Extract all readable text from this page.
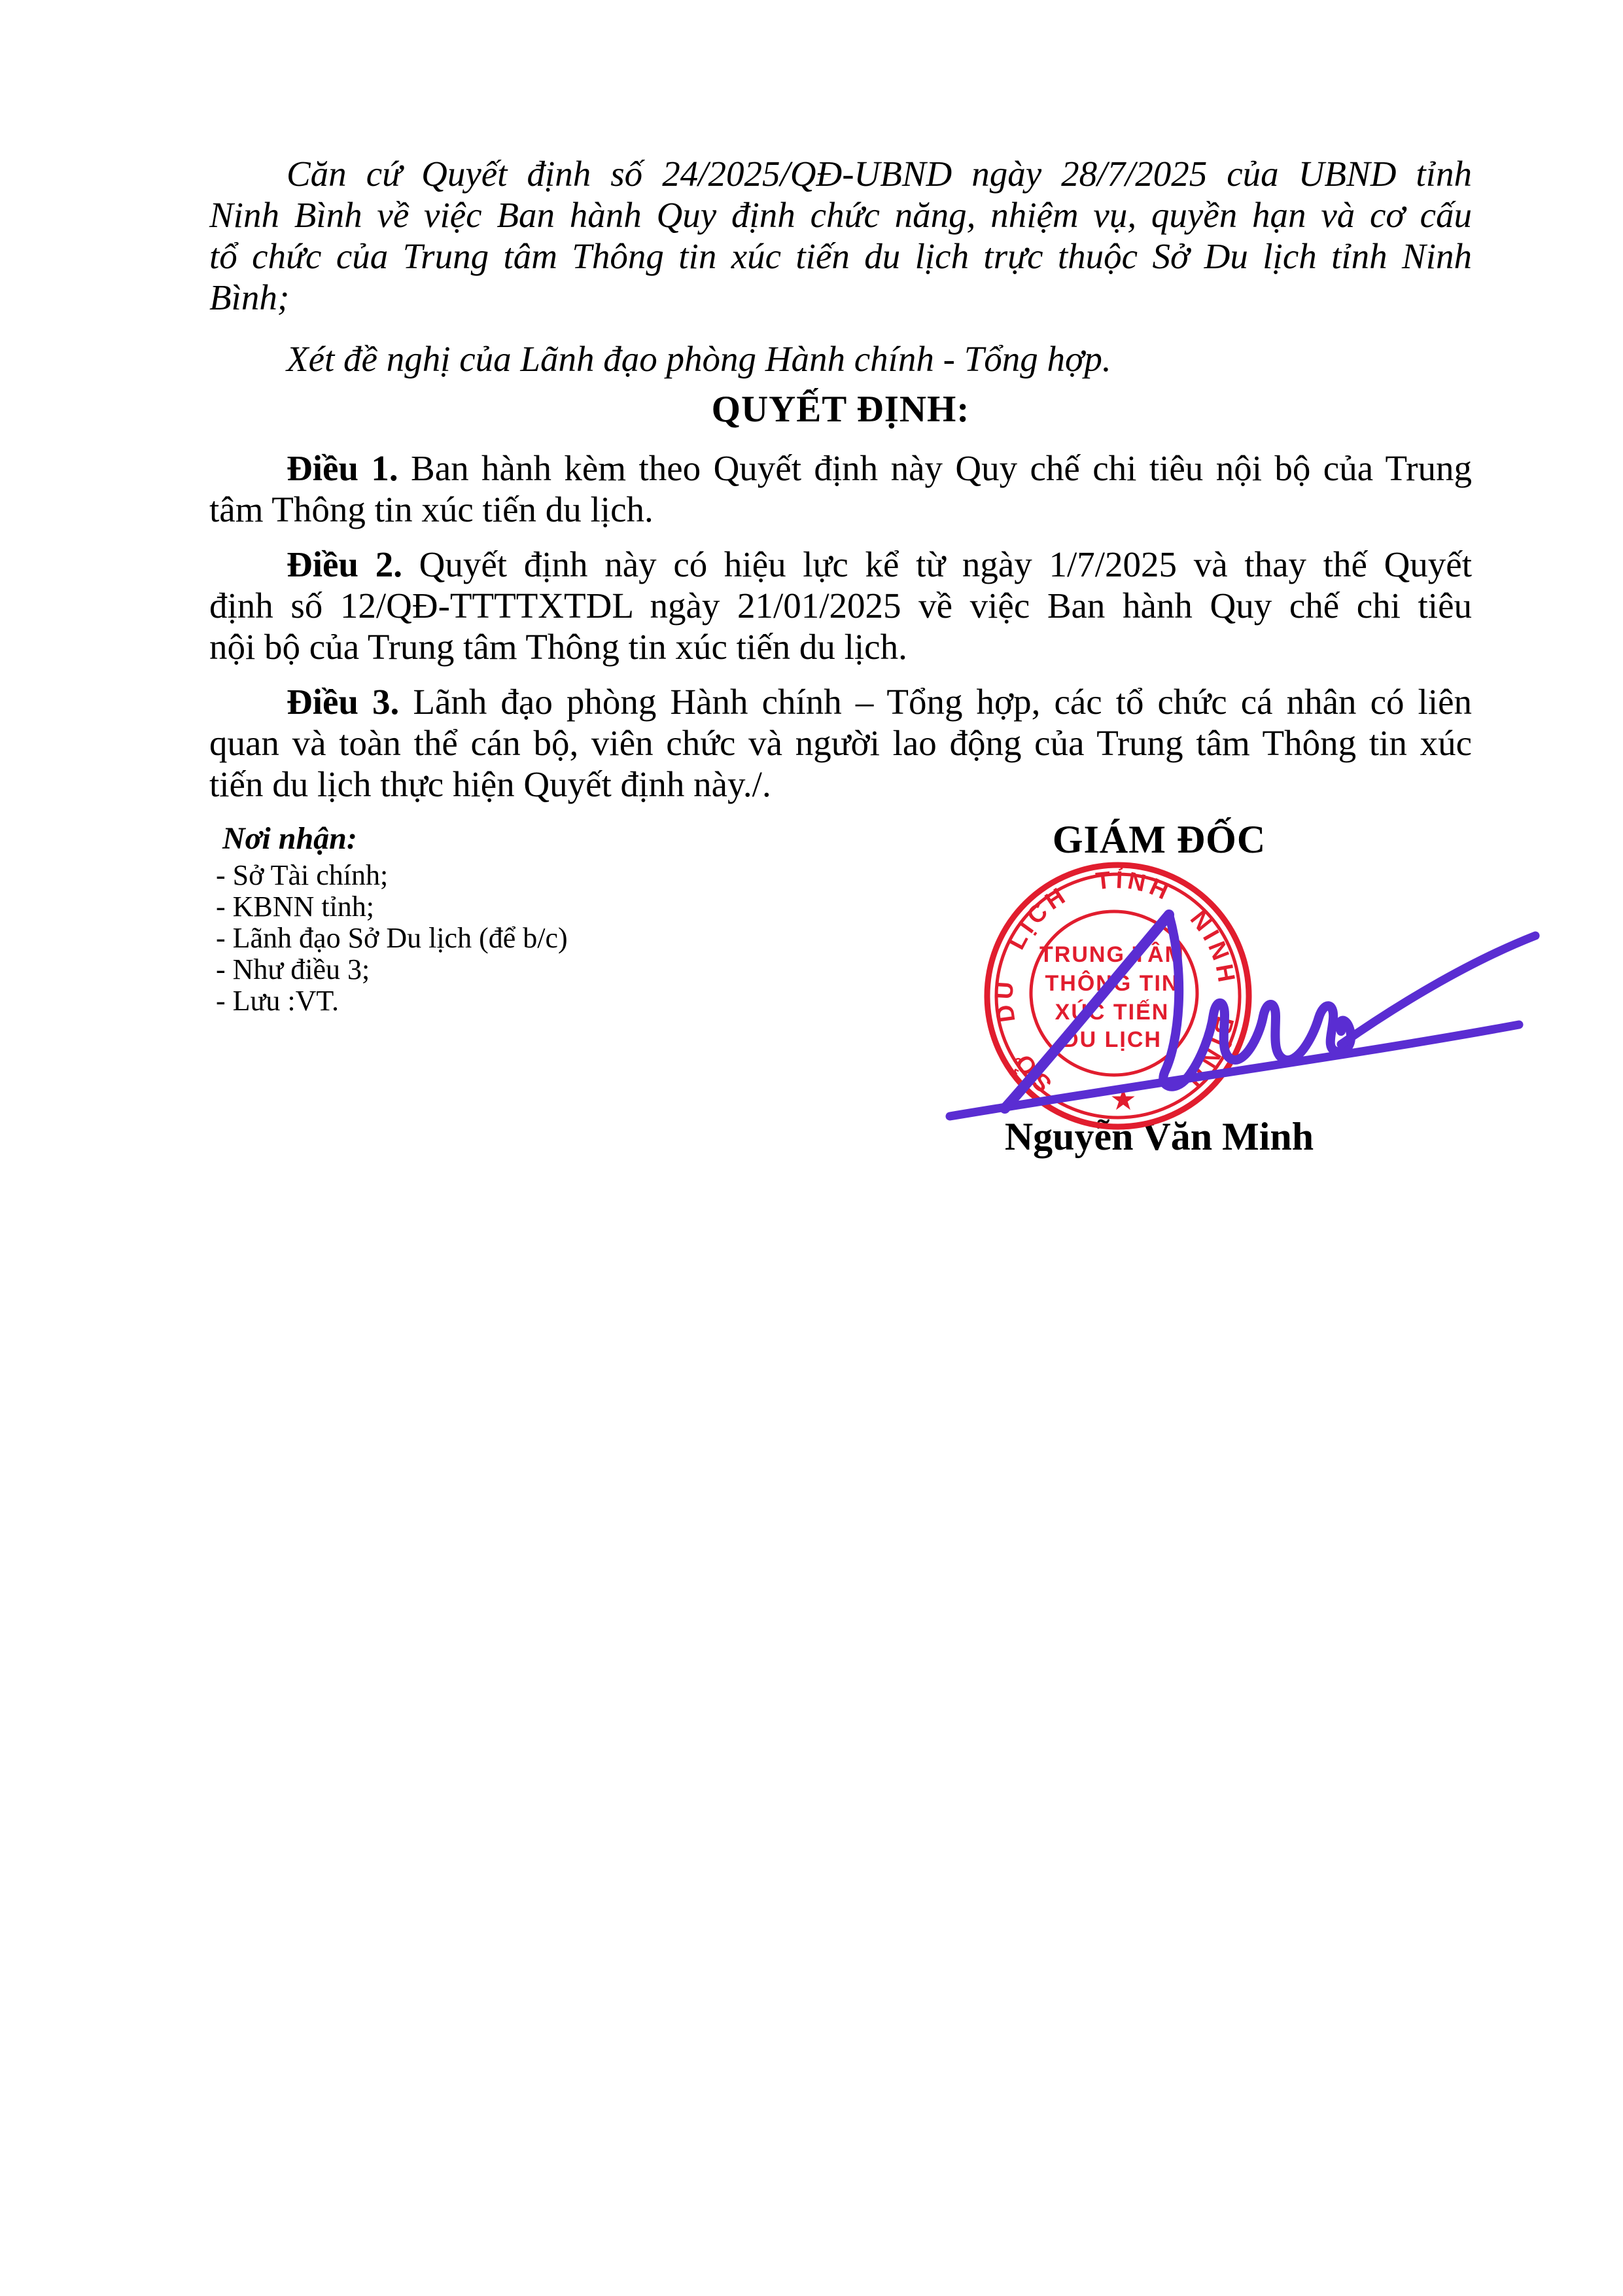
Căn cứ Quyết định số 24/2025/QĐ-UBND ngày 28/7/2025 của UBND tỉnh
Ninh Bình về việc Ban hành Quy định chức năng, nhiệm vụ, quyền hạn và cơ cấu
tổ chức của Trung tâm Thông tin xúc tiến du lịch trực thuộc Sở Du lịch tỉnh Ninh
Bình;
Xét đề nghị của Lãnh đạo phòng Hành chính - Tổng hợp.
QUYẾT ĐỊNH:
Điều 1. Ban hành kèm theo Quyết định này Quy chế chi tiêu nội bộ của Trung
tâm Thông tin xúc tiến du lịch.
Điều 2. Quyết định này có hiệu lực kể từ ngày 1/7/2025 và thay thế Quyết
định số 12/QĐ-TTTTXTDL ngày 21/01/2025 về việc Ban hành Quy chế chi tiêu
nội bộ của Trung tâm Thông tin xúc tiến du lịch.
Điều 3. Lãnh đạo phòng Hành chính – Tổng hợp, các tổ chức cá nhân có liên
quan và toàn thể cán bộ, viên chức và người lao động của Trung tâm Thông tin xúc
tiến du lịch thực hiện Quyết định này./.
Nơi nhận:
- Sở Tài chính;
- KBNN tỉnh;
- Lãnh đạo Sở Du lịch (để b/c)
- Như điều 3;
- Lưu :VT.
GIÁM ĐỐC
Nguyễn Văn Minh
SỞ DU LỊCH TỈNH NINH BÌNH
TRUNG TÂM
THÔNG TIN
XÚC TIẾN
DU LỊCH
★
